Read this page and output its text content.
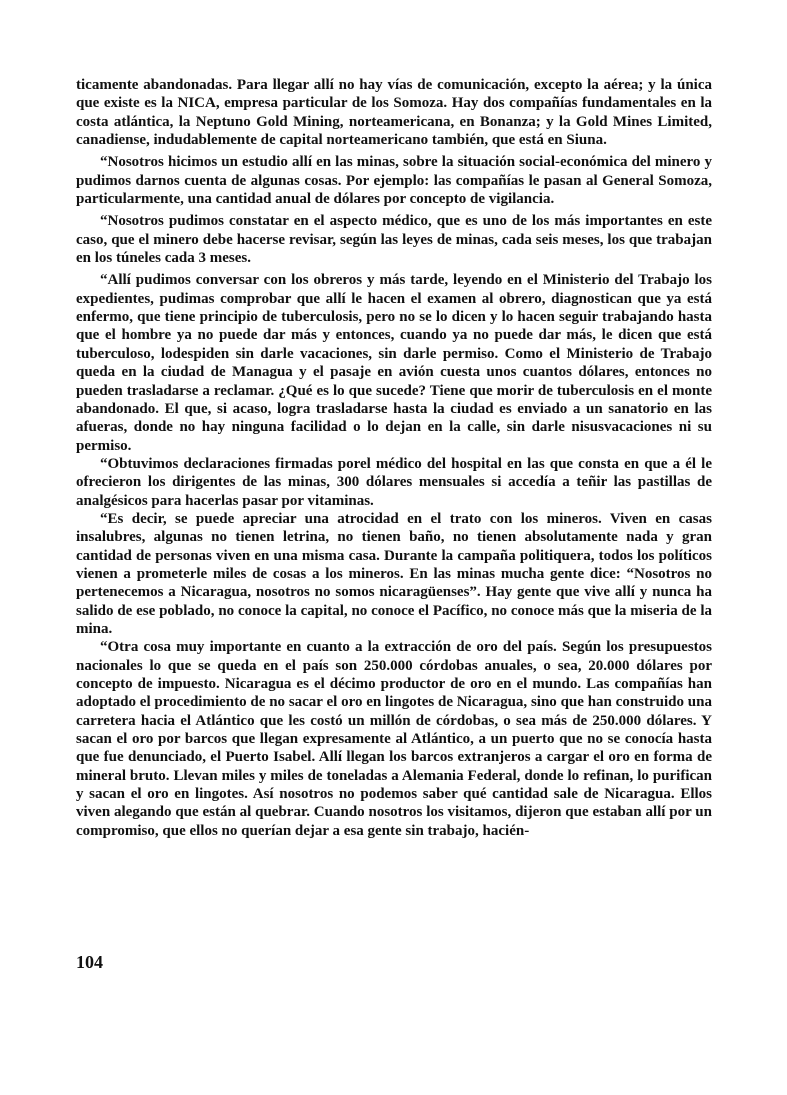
ticamente abandonadas. Para llegar allí no hay vías de comunicación, excepto la aérea; y la única que existe es la NICA, empresa particular de los Somoza. Hay dos compañías fundamentales en la costa atlántica, la Neptuno Gold Mining, norteamericana, en Bonanza; y la Gold Mines Limited, canadiense, indudablemente de capital norteamericano también, que está en Siuna.

“Nosotros hicimos un estudio allí en las minas, sobre la situación social-económica del minero y pudimos darnos cuenta de algunas cosas. Por ejemplo: las compañías le pasan al General Somoza, particularmente, una cantidad anual de dólares por concepto de vigilancia.

“Nosotros pudimos constatar en el aspecto médico, que es uno de los más importantes en este caso, que el minero debe hacerse revisar, según las leyes de minas, cada seis meses, los que trabajan en los túneles cada 3 meses.

“Allí pudimos conversar con los obreros y más tarde, leyendo en el Ministerio del Trabajo los expedientes, pudimas comprobar que allí le hacen el examen al obrero, diagnostican que ya está enfermo, que tiene principio de tuberculosis, pero no se lo dicen y lo hacen seguir trabajando hasta que el hombre ya no puede dar más y entonces, cuando ya no puede dar más, le dicen que está tuberculoso, lodespiden sin darle vacaciones, sin darle permiso. Como el Ministerio de Trabajo queda en la ciudad de Managua y el pasaje en avión cuesta unos cuantos dólares, entonces no pueden trasladarse a reclamar. ¿Qué es lo que sucede? Tiene que morir de tuberculosis en el monte abandonado. El que, si acaso, logra trasladarse hasta la ciudad es enviado a un sanatorio en las afueras, donde no hay ninguna facilidad o lo dejan en la calle, sin darle nisusvacaciones ni su permiso.

“Obtuvimos declaraciones firmadas porel médico del hospital en las que consta en que a él le ofrecieron los dirigentes de las minas, 300 dólares mensuales si accedía a teñir las pastillas de analgésicos para hacerlas pasar por vitaminas.

“Es decir, se puede apreciar una atrocidad en el trato con los mineros. Viven en casas insalubres, algunas no tienen letrina, no tienen baño, no tienen absolutamente nada y gran cantidad de personas viven en una misma casa. Durante la campaña politiquera, todos los políticos vienen a prometerle miles de cosas a los mineros. En las minas mucha gente dice: “Nosotros no pertenecemos a Nicaragua, nosotros no somos nicaragüenses”. Hay gente que vive allí y nunca ha salido de ese poblado, no conoce la capital, no conoce el Pacífico, no conoce más que la miseria de la mina.

“Otra cosa muy importante en cuanto a la extracción de oro del país. Según los presupuestos nacionales lo que se queda en el país son 250.000 córdobas anuales, o sea, 20.000 dólares por concepto de impuesto. Nicaragua es el décimo productor de oro en el mundo. Las compañías han adoptado el procedimiento de no sacar el oro en lingotes de Nicaragua, sino que han construido una carretera hacia el Atlántico que les costó un millón de córdobas, o sea más de 250.000 dólares. Y sacan el oro por barcos que llegan expresamente al Atlántico, a un puerto que no se conocía hasta que fue denunciado, el Puerto Isabel. Allí llegan los barcos extranjeros a cargar el oro en forma de mineral bruto. Llevan miles y miles de toneladas a Alemania Federal, donde lo refinan, lo purifican y sacan el oro en lingotes. Así nosotros no podemos saber qué cantidad sale de Nicaragua. Ellos viven alegando que están al quebrar. Cuando nosotros los visitamos, dijeron que estaban allí por un compromiso, que ellos no querían dejar a esa gente sin trabajo, hacién-

104
